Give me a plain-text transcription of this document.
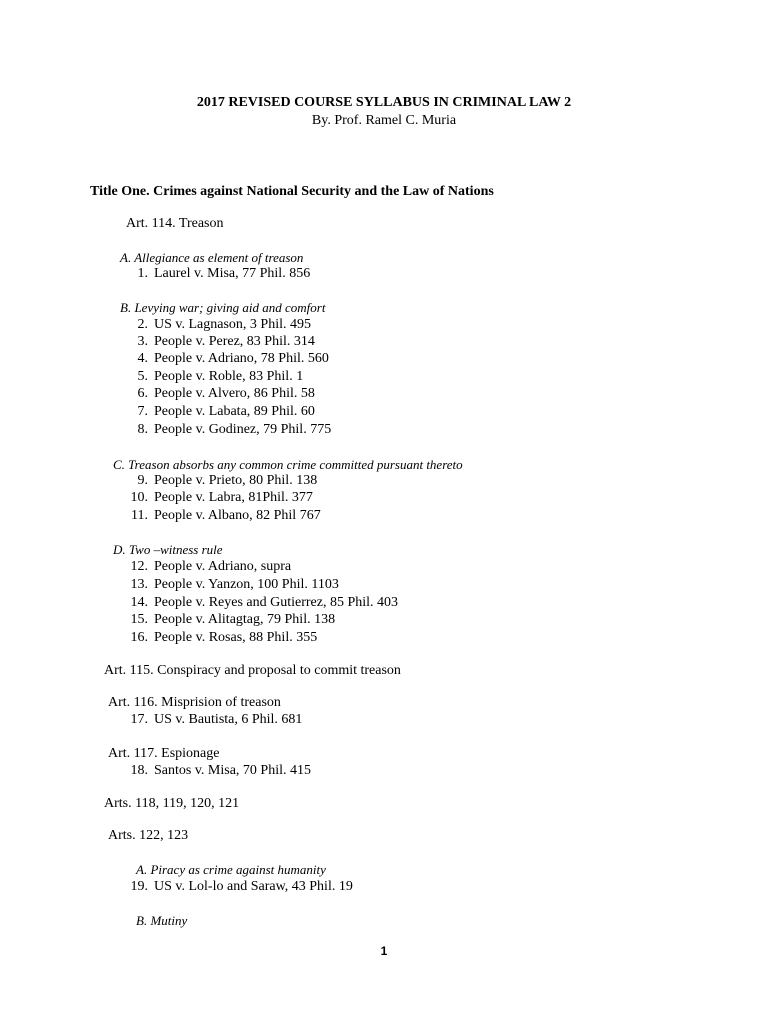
2017 REVISED COURSE SYLLABUS IN CRIMINAL LAW 2
By. Prof. Ramel C. Muria
Title One. Crimes against National Security and the Law of Nations
Art. 114. Treason
A. Allegiance as element of treason
1. Laurel v. Misa, 77 Phil. 856
B. Levying war; giving aid and comfort
2. US v. Lagnason, 3 Phil. 495
3. People v. Perez, 83 Phil. 314
4. People v. Adriano, 78 Phil. 560
5. People v. Roble, 83 Phil. 1
6. People v. Alvero, 86 Phil. 58
7. People v. Labata, 89 Phil. 60
8. People v. Godinez, 79 Phil. 775
C. Treason absorbs any common crime committed pursuant thereto
9. People v. Prieto, 80 Phil. 138
10. People v. Labra, 81Phil. 377
11. People v. Albano, 82 Phil 767
D. Two –witness rule
12. People v. Adriano, supra
13. People v. Yanzon, 100 Phil. 1103
14. People v. Reyes and Gutierrez, 85 Phil. 403
15. People v. Alitagtag, 79 Phil. 138
16. People v. Rosas, 88 Phil. 355
Art. 115. Conspiracy and proposal to commit treason
Art. 116. Misprision of treason
17. US v. Bautista, 6 Phil. 681
Art. 117. Espionage
18. Santos v. Misa, 70 Phil. 415
Arts. 118, 119, 120, 121
Arts. 122, 123
A. Piracy as crime against humanity
19. US v. Lol-lo and Saraw, 43 Phil. 19
B. Mutiny
1
